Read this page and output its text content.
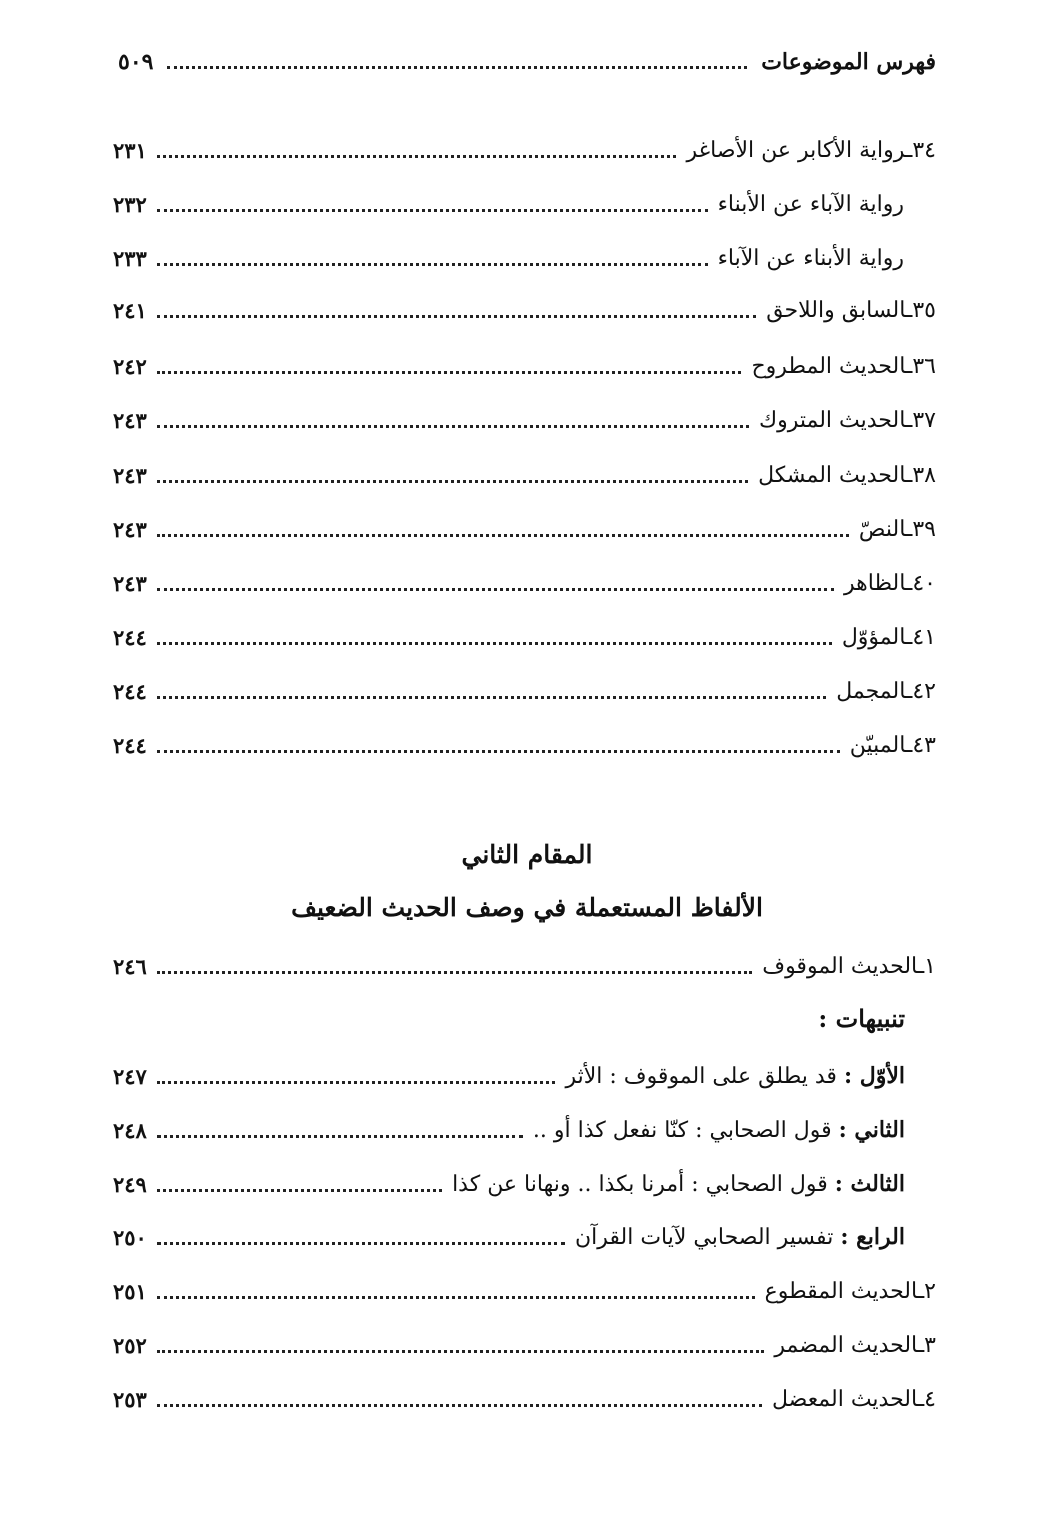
فهرس الموضوعات
٥٠٩
٣٤ـرواية الأكابر عن الأصاغر
٢٣١
رواية الآباء عن الأبناء
٢٣٢
رواية الأبناء عن الآباء
٢٣٣
٣٥ـالسابق واللاحق
٢٤١
٣٦ـالحديث المطروح
٢٤٢
٣٧ـالحديث المتروك
٢٤٣
٣٨ـالحديث المشكل
٢٤٣
٣٩ـالنصّ
٢٤٣
٤٠ـالظاهر
٢٤٣
٤١ـالمؤوّل
٢٤٤
٤٢ـالمجمل
٢٤٤
٤٣ـالمبيّن
٢٤٤
المقام الثاني
الألفاظ المستعملة في وصف الحديث الضعيف
١ـالحديث الموقوف
٢٤٦
تنبيهات :
الأوّل : قد يطلق على الموقوف : الأثر
٢٤٧
الثاني : قول الصحابي : كنّا نفعل كذا أو ..
٢٤٨
الثالث : قول الصحابي : أمرنا بكذا .. ونهانا عن كذا
٢٤٩
الرابع : تفسير الصحابي لآيات القرآن
٢٥٠
٢ـالحديث المقطوع
٢٥١
٣ـالحديث المضمر
٢٥٢
٤ـالحديث المعضل
٢٥٣
